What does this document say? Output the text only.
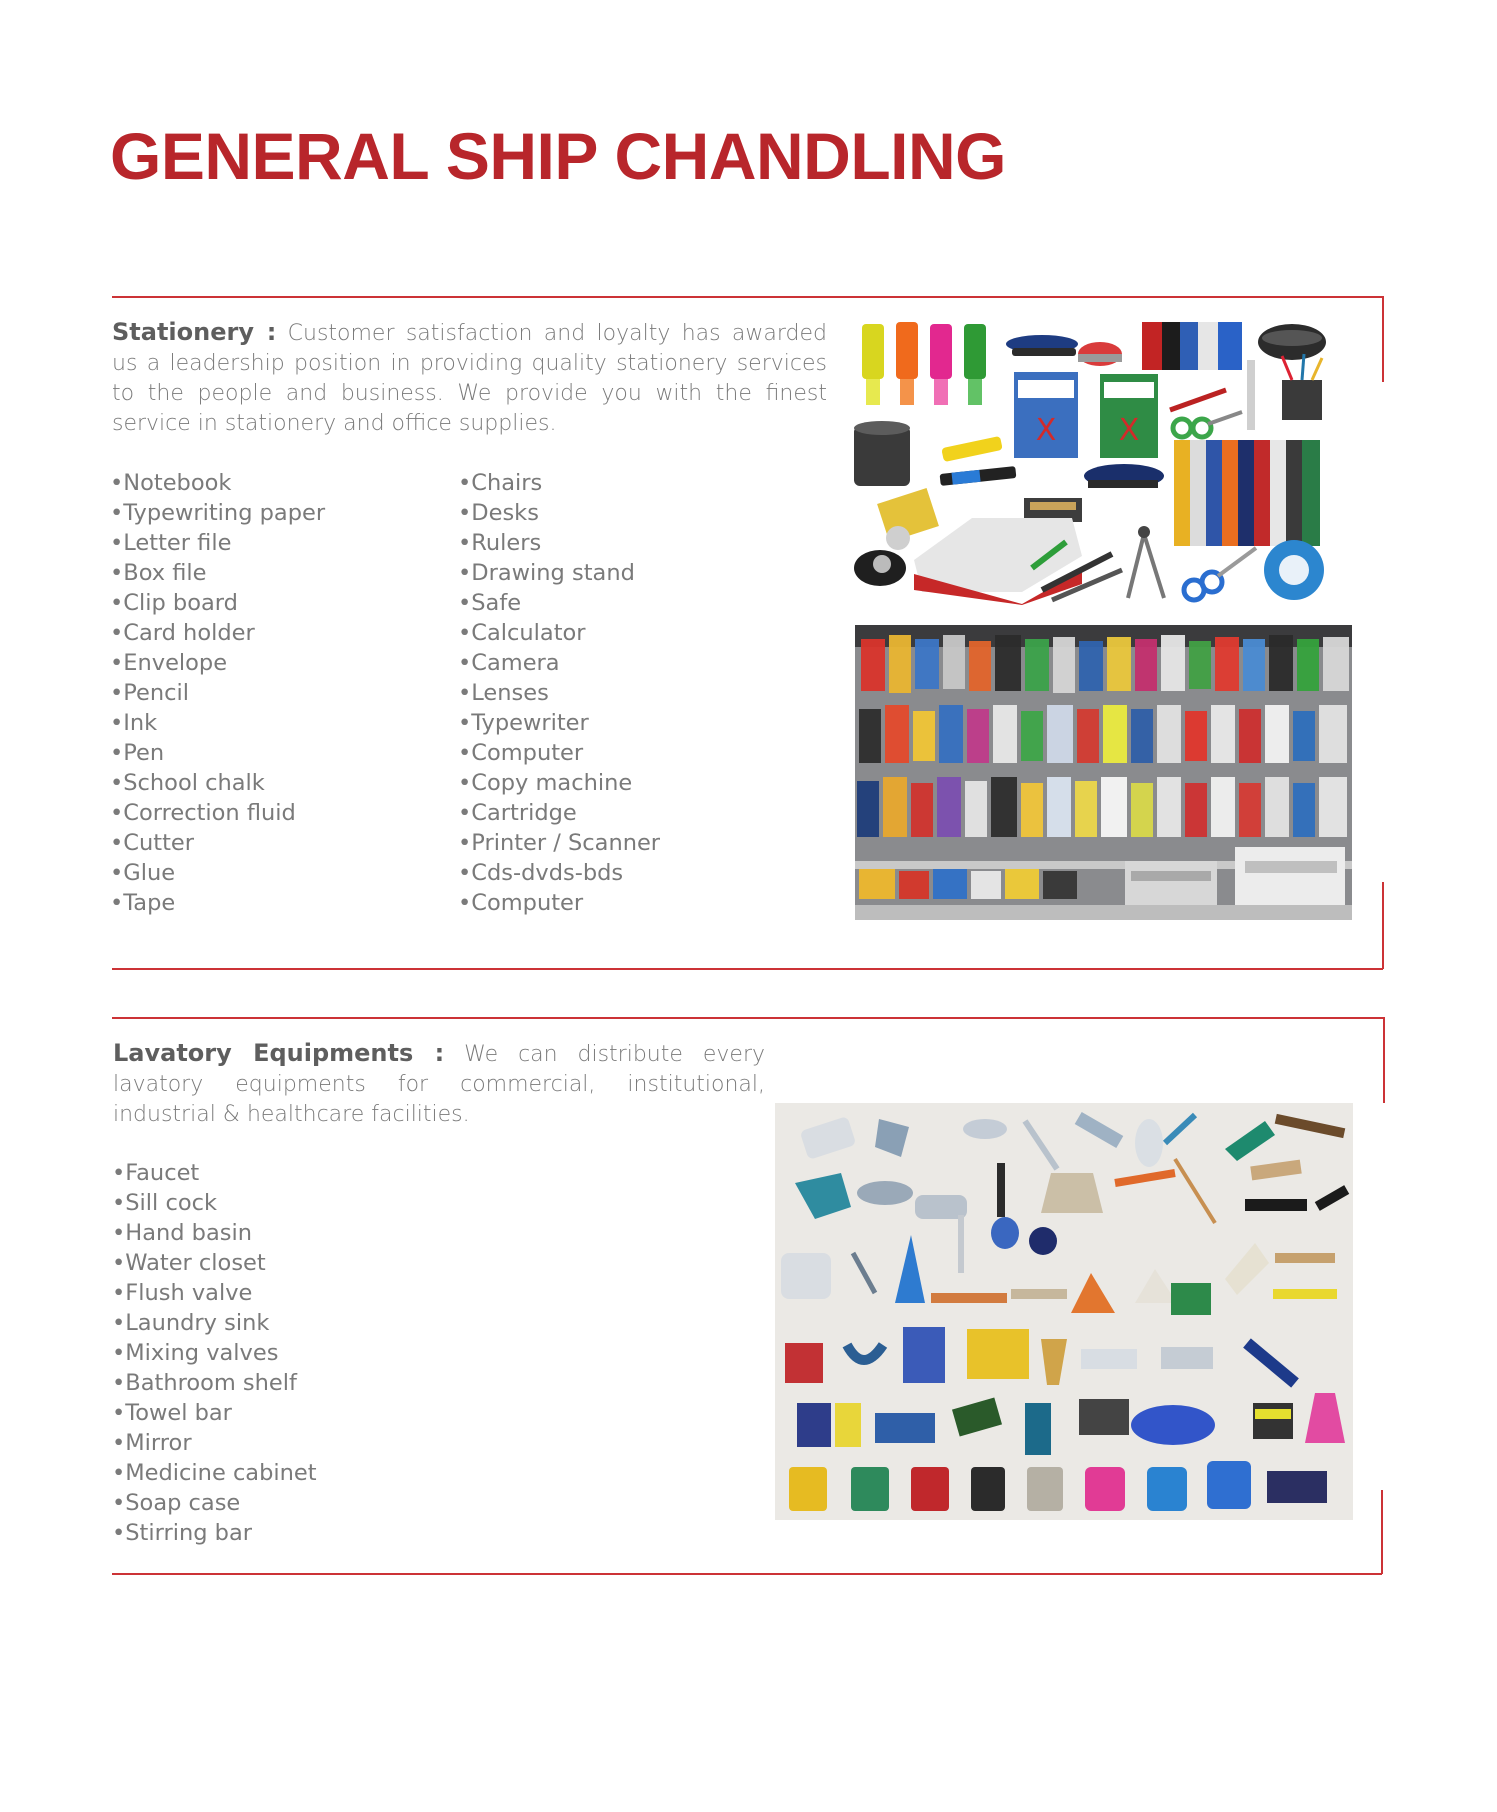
GENERAL SHIP CHANDLING

Stationery : Customer satisfaction and loyalty has awarded us a leadership position in providing quality stationery services to the people and business. We provide you with the finest service in stationery and office supplies.

•Notebook
•Typewriting paper
•Letter file
•Box file
•Clip board
•Card holder
•Envelope
•Pencil
•Ink
•Pen
•School chalk
•Correction fluid
•Cutter
•Glue
•Tape
•Chairs
•Desks
•Rulers
•Drawing stand
•Safe
•Calculator
•Camera
•Lenses
•Typewriter
•Computer
•Copy machine
•Cartridge
•Printer / Scanner
•Cds-dvds-bds
•Computer
X X

Lavatory Equipments : We can distribute every lavatory equipments for commercial, institutional, industrial & healthcare facilities.

•Faucet
•Sill cock
•Hand basin
•Water closet
•Flush valve
•Laundry sink
•Mixing valves
•Bathroom shelf
•Towel bar
•Mirror
•Medicine cabinet
•Soap case
•Stirring bar
